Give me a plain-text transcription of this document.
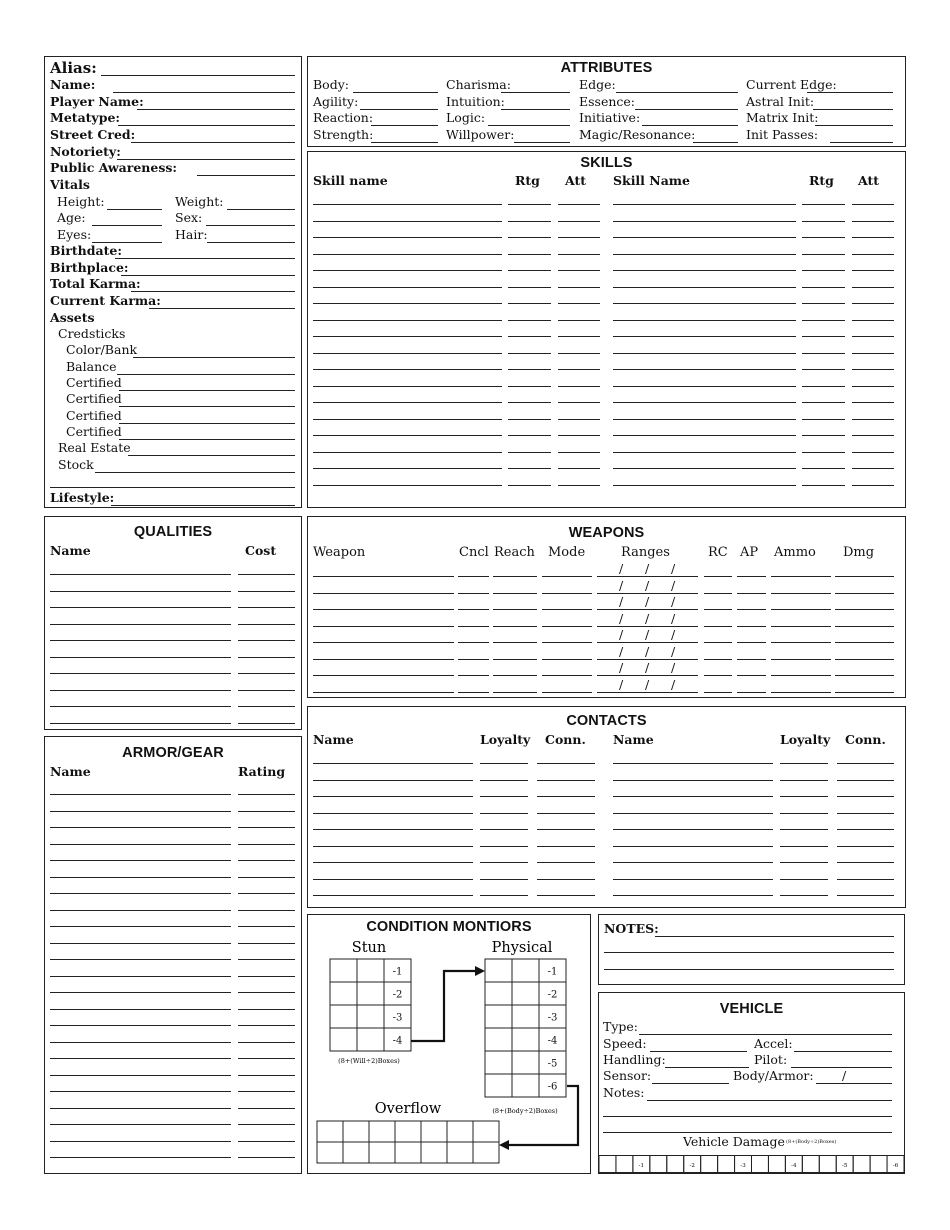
Alias:
Name:
Player Name:
Metatype:
Street Cred:
Notoriety:
Public Awareness:
Vitals
Height:	Weight:
Age:	Sex:
Eyes:	Hair:
Birthdate:
Birthplace:
Total Karma:
Current Karma:
Assets
Credsticks
Color/Bank
Balance
Certified
Certified
Certified
Certified
Real Estate
Stock
Lifestyle:
ATTRIBUTES
Body:	Charisma:	Edge:	Current Edge:
Agility:	Intuition:	Essence:	Astral Init:
Reaction:	Logic:	Initiative:	Matrix Init:
Strength:	Willpower:	Magic/Resonance:	Init Passes:
SKILLS
Skill name	Rtg Att Skill Name	Rtg Att
QUALITIES
Name	Cost
WEAPONS
Weapon	Cncl Reach Mode	Ranges	RC AP Ammo Dmg
/ / /
/ / /
/ / /
/ / /
/ / /
/ / /
/ / /
/ / /
CONTACTS
Name	Loyalty Conn. Name	Loyalty Conn.
ARMOR/GEAR
Name	Rating
CONDITION MONTIORS
Stun	Physical
-1
-2
-3
-4
-1
-2
-3
-4
-5
-6
(8+(Will÷2)Boxes)
(8+(Body÷2)Boxes)
Overflow
NOTES:
VEHICLE
Type:
Speed:	Accel:
Handling:	Pilot:
Sensor:	Body/Armor: /
Notes:
Vehicle Damage (8+(Body÷2)Boxes)
-1	-2	-3	-4	-5	-6
